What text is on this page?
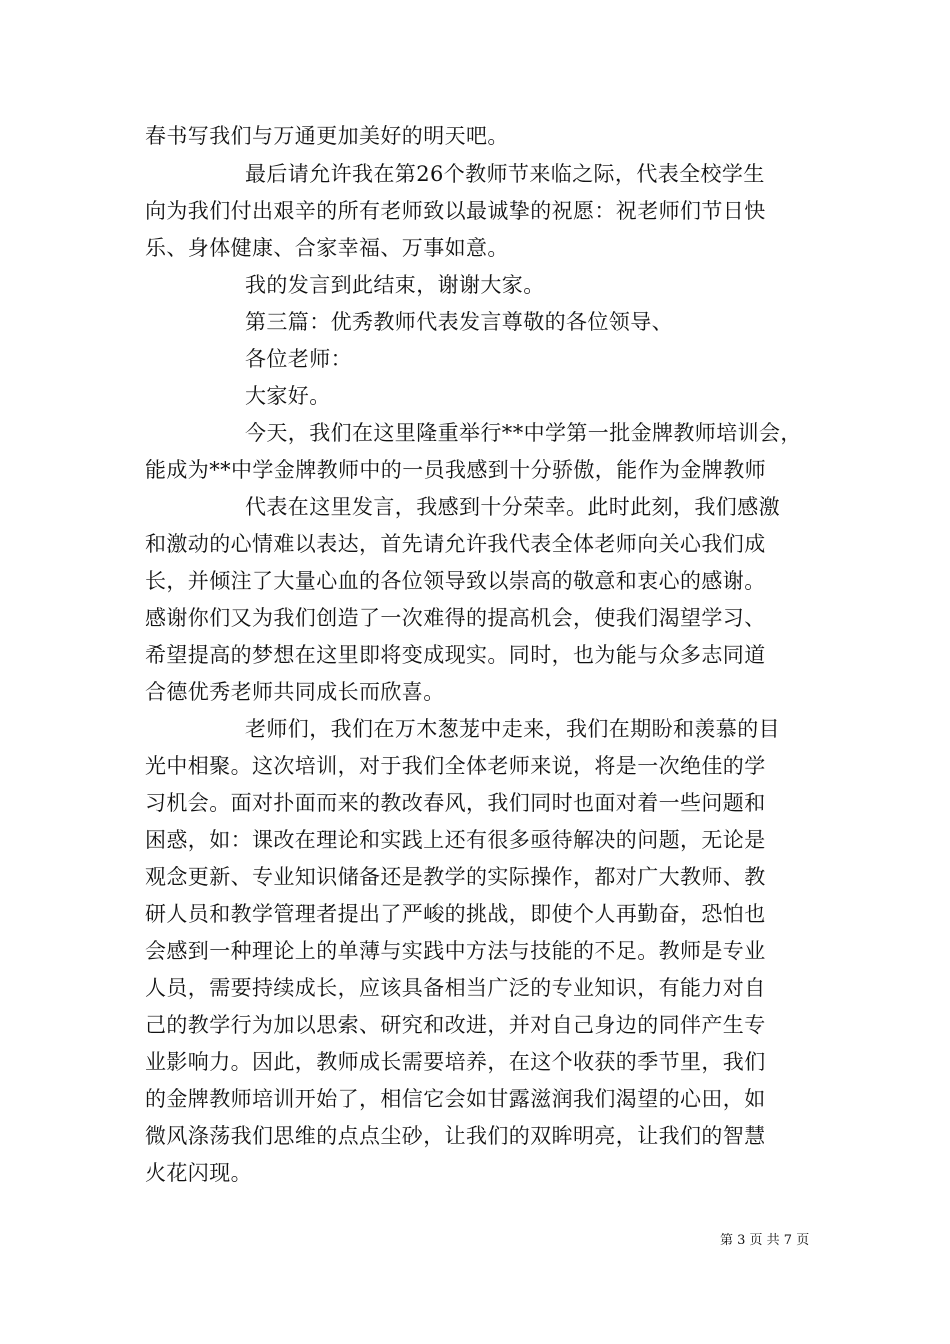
春书写我们与万通更加美好的明天吧。
最后请允许我在第26个教师节来临之际，代表全校学生
向为我们付出艰辛的所有老师致以最诚挚的祝愿：祝老师们节日快
乐、身体健康、合家幸福、万事如意。
我的发言到此结束，谢谢大家。
第三篇：优秀教师代表发言尊敬的各位领导、
各位老师：
大家好。
今天，我们在这里隆重举行**中学第一批金牌教师培训会，
能成为**中学金牌教师中的一员我感到十分骄傲，能作为金牌教师
代表在这里发言，我感到十分荣幸。此时此刻，我们感激
和激动的心情难以表达，首先请允许我代表全体老师向关心我们成
长，并倾注了大量心血的各位领导致以崇高的敬意和衷心的感谢。
感谢你们又为我们创造了一次难得的提高机会，使我们渴望学习、
希望提高的梦想在这里即将变成现实。同时，也为能与众多志同道
合德优秀老师共同成长而欣喜。
老师们，我们在万木葱茏中走来，我们在期盼和羡慕的目
光中相聚。这次培训，对于我们全体老师来说，将是一次绝佳的学
习机会。面对扑面而来的教改春风，我们同时也面对着一些问题和
困惑，如：课改在理论和实践上还有很多亟待解决的问题，无论是
观念更新、专业知识储备还是教学的实际操作，都对广大教师、教
研人员和教学管理者提出了严峻的挑战，即使个人再勤奋，恐怕也
会感到一种理论上的单薄与实践中方法与技能的不足。教师是专业
人员，需要持续成长，应该具备相当广泛的专业知识，有能力对自
己的教学行为加以思索、研究和改进，并对自己身边的同伴产生专
业影响力。因此，教师成长需要培养，在这个收获的季节里，我们
的金牌教师培训开始了，相信它会如甘露滋润我们渴望的心田，如
微风涤荡我们思维的点点尘砂，让我们的双眸明亮，让我们的智慧
火花闪现。
第 3 页 共 7 页
